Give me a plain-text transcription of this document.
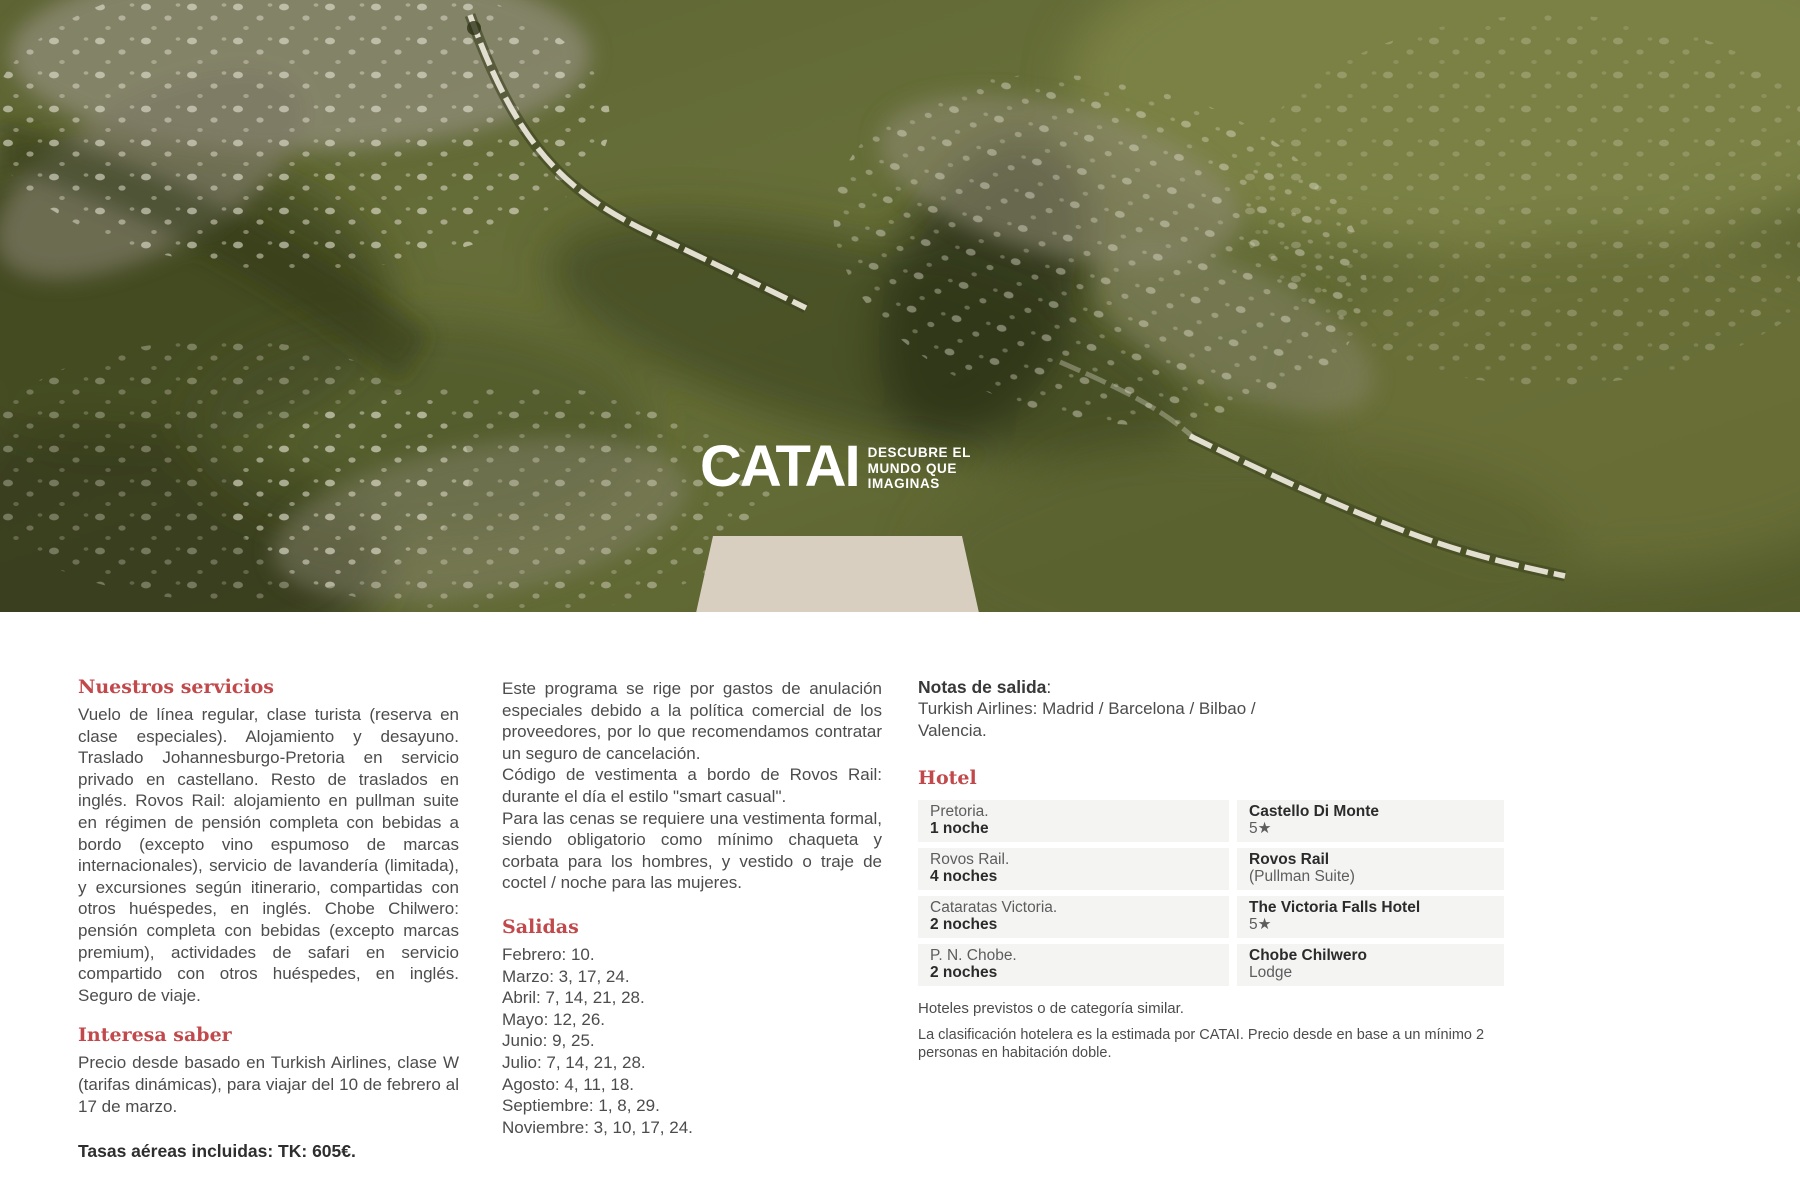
CATAI DESCUBRE EL
MUNDO QUE
IMAGINAS
Nuestros servicios

Vuelo de línea regular, clase turista (reserva en clase especiales). Alojamiento y desayuno. Traslado Johannesburgo-Pretoria en servicio privado en castellano. Resto de traslados en inglés. Rovos Rail: alojamiento en pullman suite en régimen de pensión completa con bebidas a bordo (excepto vino espumoso de marcas internacionales), servicio de lavandería (limitada), y excursiones según itinerario, compartidas con otros huéspedes, en inglés. Chobe Chilwero: pensión completa con bebidas (excepto marcas premium), actividades de safari en servicio compartido con otros huéspedes, en inglés. Seguro de viaje.

Interesa saber

Precio desde basado en Turkish Airlines, clase W (tarifas dinámicas), para viajar del 10 de febrero al 17 de marzo.

Tasas aéreas incluidas: TK: 605€.

Este programa se rige por gastos de anulación especiales debido a la política comercial de los proveedores, por lo que recomendamos contratar un seguro de cancelación.

Código de vestimenta a bordo de Rovos Rail: durante el día el estilo "smart casual".

Para las cenas se requiere una vestimenta formal, siendo obligatorio como mínimo chaqueta y corbata para los hombres, y vestido o traje de coctel / noche para las mujeres.

Salidas
Febrero: 10.
Marzo: 3, 17, 24.
Abril: 7, 14, 21, 28.
Mayo: 12, 26.
Junio: 9, 25.
Julio: 7, 14, 21, 28.
Agosto: 4, 11, 18.
Septiembre: 1, 8, 29.
Noviembre: 3, 10, 17, 24.

Notas de salida:

Turkish Airlines: Madrid / Barcelona / Bilbao /

Valencia.

Hotel
Pretoria.
1 noche
Castello Di Monte
5★
Rovos Rail.
4 noches
Rovos Rail
(Pullman Suite)
Cataratas Victoria.
2 noches
The Victoria Falls Hotel
5★
P. N. Chobe.
2 noches
Chobe Chilwero
Lodge

Hoteles previstos o de categoría similar.

La clasificación hotelera es la estimada por CATAI. Precio desde en base a un mínimo 2 personas en habitación doble.
